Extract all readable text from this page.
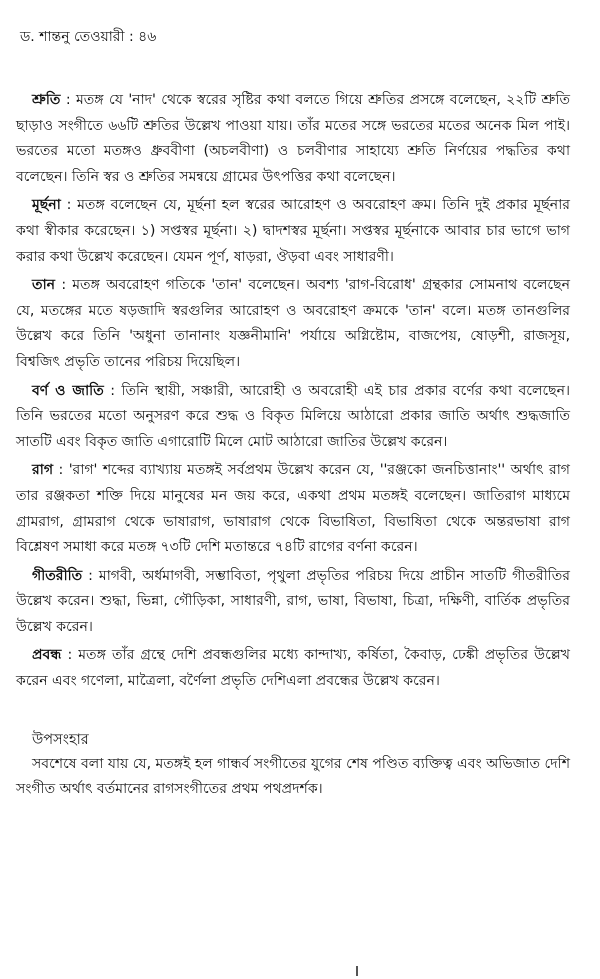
ড. শান্তনু তেওয়ারী : ৪৬

শ্রুতি : মতঙ্গ যে 'নাদ' থেকে স্বরের সৃষ্টির কথা বলতে গিয়ে শ্রুতির প্রসঙ্গে বলেছেন, ২২টি শ্রুতি ছাড়াও সংগীতে ৬৬টি শ্রুতির উল্লেখ পাওয়া যায়। তাঁর মতের সঙ্গে ভরতের মতের অনেক মিল পাই। ভরতের মতো মতঙ্গও ধ্রুববীণা (অচলবীণা) ও চলবীণার সাহায্যে শ্রুতি নির্ণয়ের পদ্ধতির কথা বলেছেন। তিনি স্বর ও শ্রুতির সমন্বয়ে গ্রামের উৎপত্তির কথা বলেছেন।

মূর্ছনা : মতঙ্গ বলেছেন যে, মূর্ছনা হল স্বরের আরোহণ ও অবরোহণ ক্রম। তিনি দুই প্রকার মূর্ছনার কথা স্বীকার করেছেন। ১) সপ্তস্বর মূর্ছনা। ২) দ্বাদশস্বর মূর্ছনা। সপ্তস্বর মূর্ছনাকে আবার চার ভাগে ভাগ করার কথা উল্লেখ করেছেন। যেমন পূর্ণ, ষাড়রা, ঔড়বা এবং সাধারণী।

তান : মতঙ্গ অবরোহণ গতিকে 'তান' বলেছেন। অবশ্য 'রাগ-বিরোধ' গ্রন্থকার সোমনাথ বলেছেন যে, মতঙ্গের মতে ষড়জাদি স্বরগুলির আরোহণ ও অবরোহণ ক্রমকে 'তান' বলে। মতঙ্গ তানগুলির উল্লেখ করে তিনি 'অধুনা তানানাং যজ্ঞনীমানি' পর্যায়ে অগ্নিষ্টোম, বাজপেয়, ষোড়শী, রাজসূয়, বিশ্বজিৎ প্রভৃতি তানের পরিচয় দিয়েছিল।

বর্ণ ও জাতি : তিনি স্থায়ী, সঞ্চারী, আরোহী ও অবরোহী এই চার প্রকার বর্ণের কথা বলেছেন। তিনি ভরতের মতো অনুসরণ করে শুদ্ধ ও বিকৃত মিলিয়ে আঠারো প্রকার জাতি অর্থাৎ শুদ্ধজাতি সাতটি এবং বিকৃত জাতি এগারোটি মিলে মোট আঠারো জাতির উল্লেখ করেন।

রাগ : 'রাগ' শব্দের ব্যাখ্যায় মতঙ্গই সর্বপ্রথম উল্লেখ করেন যে, ''রঞ্জকো জনচিত্তানাং'' অর্থাৎ রাগ তার রঞ্জকতা শক্তি দিয়ে মানুষের মন জয় করে, একথা প্রথম মতঙ্গই বলেছেন। জাতিরাগ মাধ্যমে গ্রামরাগ, গ্রামরাগ থেকে ভাষারাগ, ভাষারাগ থেকে বিভাষিতা, বিভাষিতা থেকে অন্তরভাষা রাগ বিশ্লেষণ সমাধা করে মতঙ্গ ৭৩টি দেশি মতান্তরে ৭৪টি রাগের বর্ণনা করেন।

গীতরীতি : মাগবী, অর্ধমাগবী, সম্ভাবিতা, পৃথুলা প্রভৃতির পরিচয় দিয়ে প্রাচীন সাতটি গীতরীতির উল্লেখ করেন। শুদ্ধা, ভিন্না, গৌড়িকা, সাধারণী, রাগ, ভাষা, বিভাষা, চিত্রা, দক্ষিণী, বার্তিক প্রভৃতির উল্লেখ করেন।

প্রবন্ধ : মতঙ্গ তাঁর গ্রন্থে দেশি প্রবন্ধগুলির মধ্যে কান্দাখ্য, কর্ষিতা, কৈবাড়, ঢেঙ্কী প্রভৃতির উল্লেখ করেন এবং গণেলা, মাত্রৈলা, বর্ণৈলা প্রভৃতি দেশিএলা প্রবন্ধের উল্লেখ করেন।

উপসংহার

সবশেষে বলা যায় যে, মতঙ্গই হল গান্ধর্ব সংগীতের যুগের শেষ পণ্ডিত ব্যক্তিত্ব এবং অভিজাত দেশি সংগীত অর্থাৎ বর্তমানের রাগসংগীতের প্রথম পথপ্রদর্শক।
